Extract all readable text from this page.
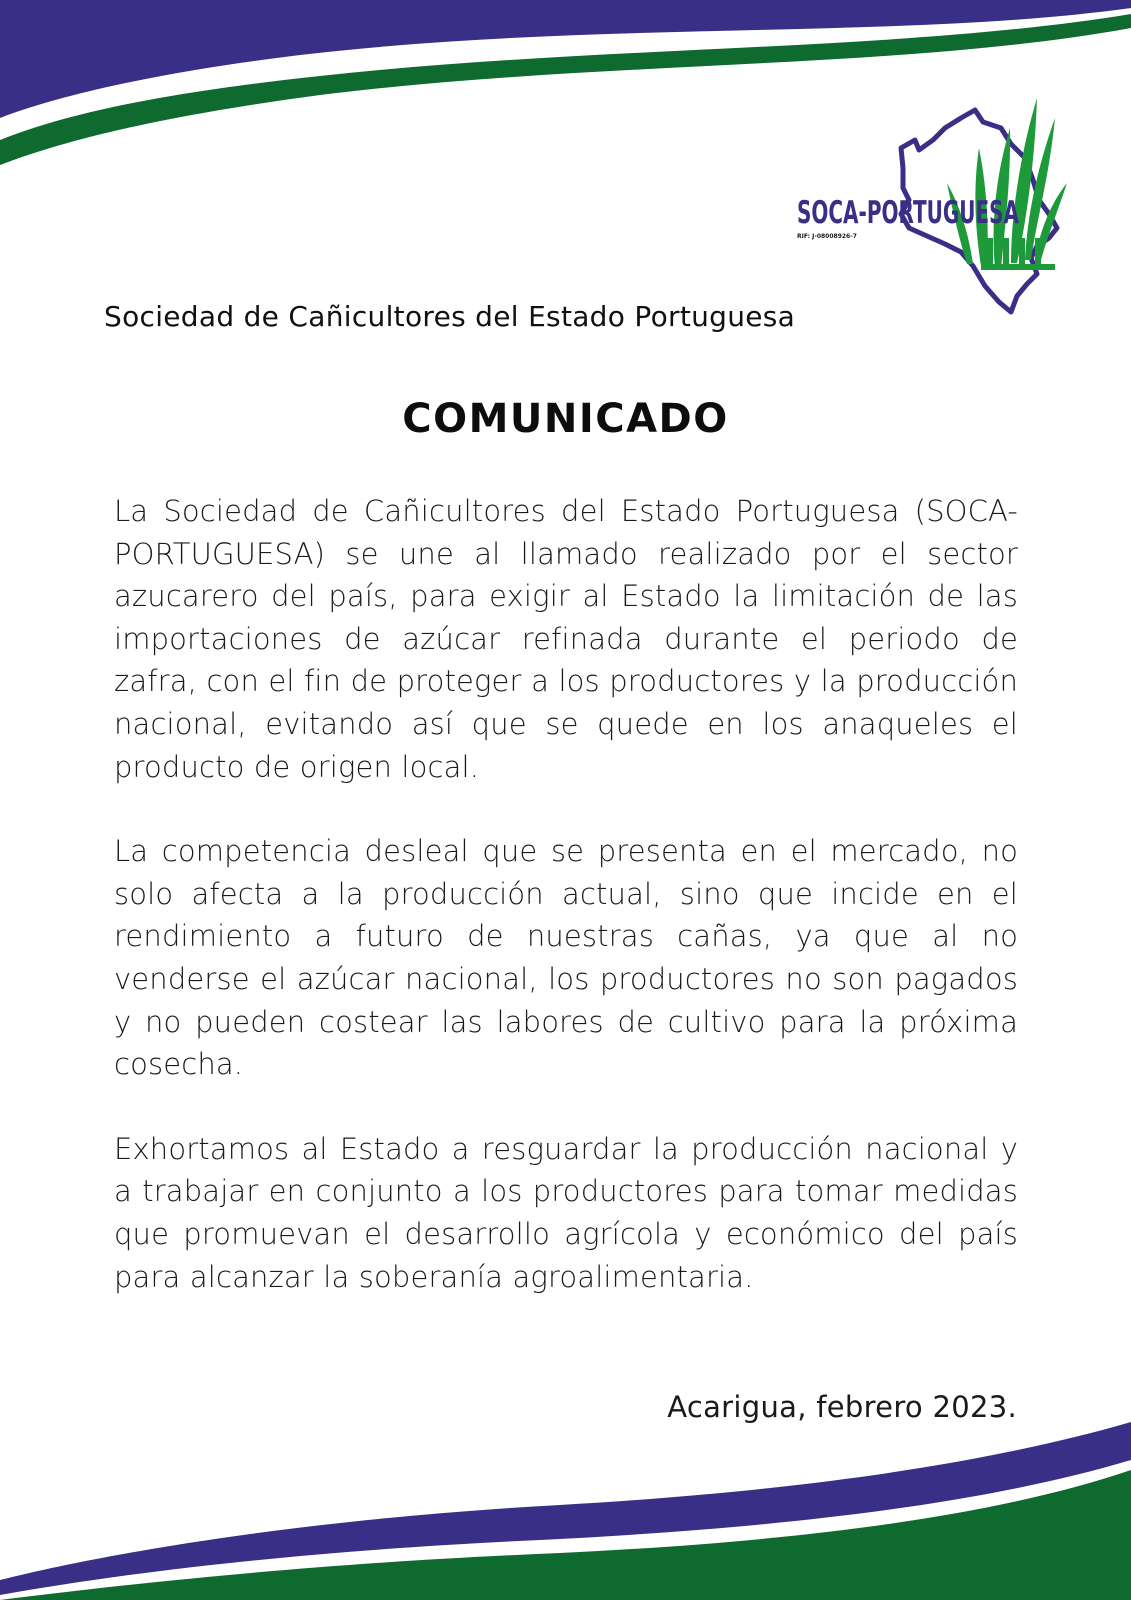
SOCA-PORTUGUESA
RIF: J-08008926-7
Sociedad de Cañicultores del Estado Portuguesa
COMUNICADO

La Sociedad de Cañicultores del Estado Portuguesa (SOCA-PORTUGUESA) se une al llamado realizado por el sector azucarero del país, para exigir al Estado la limitación de las importaciones de azúcar refinada durante el periodo de zafra, con el fin de proteger a los productores y la producción nacional, evitando así que se quede en los anaqueles el producto de origen local.

La competencia desleal que se presenta en el mercado, no solo afecta a la producción actual, sino que incide en el rendimiento a futuro de nuestras cañas, ya que al no venderse el azúcar nacional, los productores no son pagados y no pueden costear las labores de cultivo para la próxima cosecha.

Exhortamos al Estado a resguardar la producción nacional y a trabajar en conjunto a los productores para tomar medidas que promuevan el desarrollo agrícola y económico del país para alcanzar la soberanía agroalimentaria.

Acarigua, febrero 2023.
